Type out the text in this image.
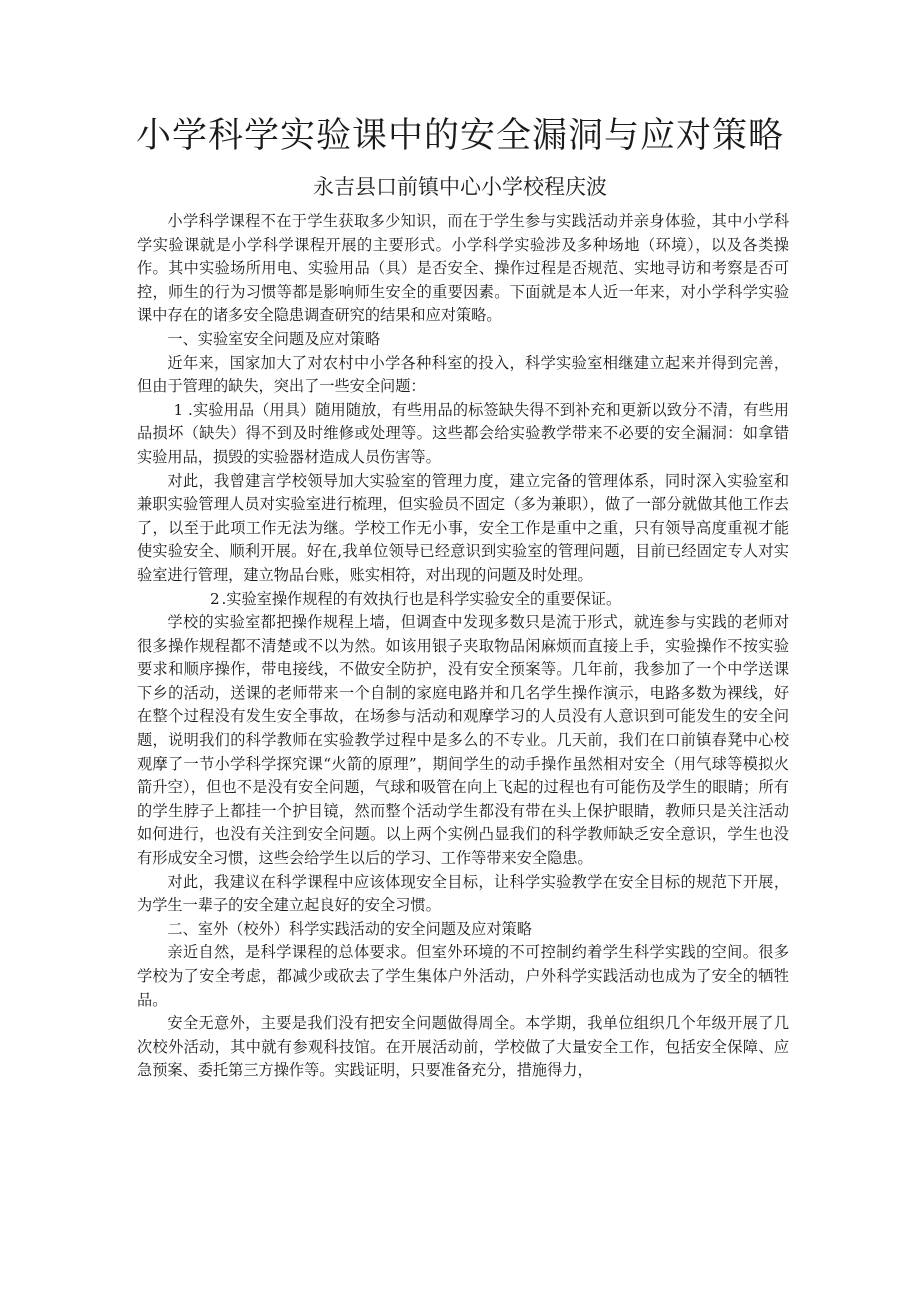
小学科学实验课中的安全漏洞与应对策略
永吉县口前镇中心小学校程庆波

小学科学课程不在于学生获取多少知识，而在于学生参与实践活动并亲身体验，其中小学科学实验课就是小学科学课程开展的主要形式。小学科学实验涉及多种场地（环境），以及各类操作。其中实验场所用电、实验用品（具）是否安全、操作过程是否规范、实地寻访和考察是否可控，师生的行为习惯等都是影响师生安全的重要因素。下面就是本人近一年来，对小学科学实验课中存在的诸多安全隐患调查研究的结果和应对策略。

一、实验室安全问题及应对策略

近年来，国家加大了对农村中小学各种科室的投入，科学实验室相继建立起来并得到完善，但由于管理的缺失，突出了一些安全问题：

1 .实验用品（用具）随用随放，有些用品的标签缺失得不到补充和更新以致分不清，有些用品损坏（缺失）得不到及时维修或处理等。这些都会给实验教学带来不必要的安全漏洞：如拿错实验用品，损毁的实验器材造成人员伤害等。

对此，我曾建言学校领导加大实验室的管理力度，建立完备的管理体系，同时深入实验室和兼职实验管理人员对实验室进行梳理，但实验员不固定（多为兼职），做了一部分就做其他工作去了，以至于此项工作无法为继。学校工作无小事，安全工作是重中之重，只有领导高度重视才能使实验安全、顺利开展。好在,我单位领导已经意识到实验室的管理问题，目前已经固定专人对实验室进行管理，建立物品台账，账实相符，对出现的问题及时处理。

2 .实验室操作规程的有效执行也是科学实验安全的重要保证。

学校的实验室都把操作规程上墙，但调查中发现多数只是流于形式，就连参与实践的老师对很多操作规程都不清楚或不以为然。如该用银子夹取物品闲麻烦而直接上手，实验操作不按实验要求和顺序操作，带电接线，不做安全防护，没有安全预案等。几年前，我参加了一个中学送课下乡的活动，送课的老师带来一个自制的家庭电路并和几名学生操作演示，电路多数为裸线，好在整个过程没有发生安全事故，在场参与活动和观摩学习的人员没有人意识到可能发生的安全问题，说明我们的科学教师在实验教学过程中是多么的不专业。几天前，我们在口前镇春凳中心校观摩了一节小学科学探究课“火箭的原理”，期间学生的动手操作虽然相对安全（用气球等模拟火箭升空），但也不是没有安全问题，气球和吸管在向上飞起的过程也有可能伤及学生的眼睛；所有的学生脖子上都挂一个护目镜，然而整个活动学生都没有带在头上保护眼睛，教师只是关注活动如何进行，也没有关注到安全问题。以上两个实例凸显我们的科学教师缺乏安全意识，学生也没有形成安全习惯，这些会给学生以后的学习、工作等带来安全隐患。

对此，我建议在科学课程中应该体现安全目标，让科学实验教学在安全目标的规范下开展，为学生一辈子的安全建立起良好的安全习惯。

二、室外（校外）科学实践活动的安全问题及应对策略

亲近自然，是科学课程的总体要求。但室外环境的不可控制约着学生科学实践的空间。很多学校为了安全考虑，都减少或砍去了学生集体户外活动，户外科学实践活动也成为了安全的牺牲品。

安全无意外，主要是我们没有把安全问题做得周全。本学期，我单位组织几个年级开展了几次校外活动，其中就有参观科技馆。在开展活动前，学校做了大量安全工作，包括安全保障、应急预案、委托第三方操作等。实践证明，只要准备充分，措施得力，
